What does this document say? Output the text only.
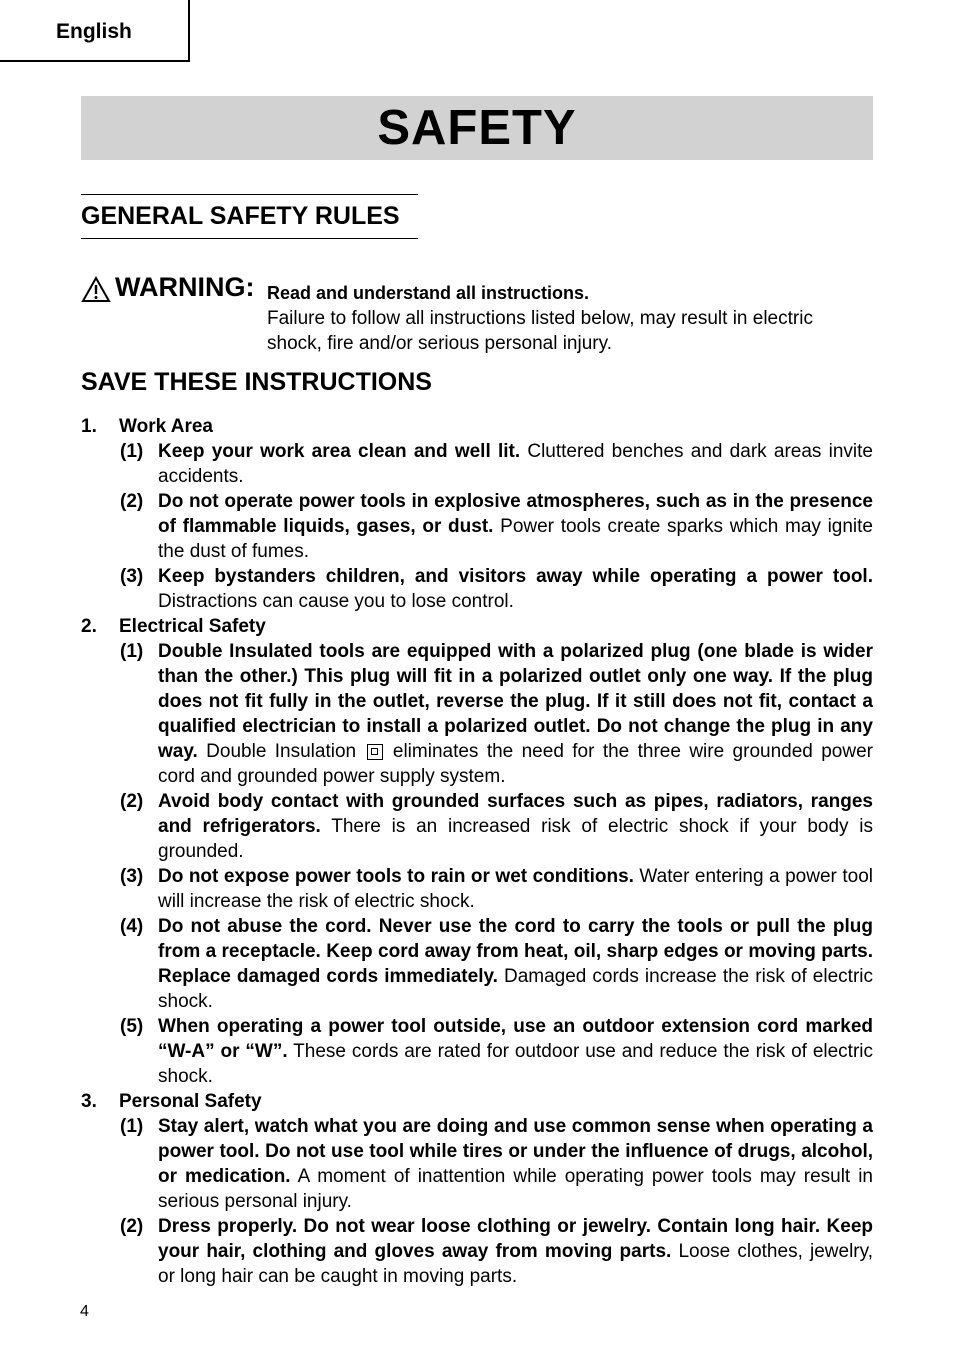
English
SAFETY
GENERAL SAFETY RULES
WARNING: Read and understand all instructions.
Failure to follow all instructions listed below, may result in electric shock, fire and/or serious personal injury.
SAVE THESE INSTRUCTIONS
1. Work Area
(1) Keep your work area clean and well lit. Cluttered benches and dark areas invite accidents.
(2) Do not operate power tools in explosive atmospheres, such as in the presence of flammable liquids, gases, or dust. Power tools create sparks which may ignite the dust of fumes.
(3) Keep bystanders children, and visitors away while operating a power tool. Distractions can cause you to lose control.
2. Electrical Safety
(1) Double Insulated tools are equipped with a polarized plug (one blade is wider than the other.) This plug will fit in a polarized outlet only one way. If the plug does not fit fully in the outlet, reverse the plug. If it still does not fit, contact a qualified electrician to install a polarized outlet. Do not change the plug in any way. Double Insulation eliminates the need for the three wire grounded power cord and grounded power supply system.
(2) Avoid body contact with grounded surfaces such as pipes, radiators, ranges and refrigerators. There is an increased risk of electric shock if your body is grounded.
(3) Do not expose power tools to rain or wet conditions. Water entering a power tool will increase the risk of electric shock.
(4) Do not abuse the cord. Never use the cord to carry the tools or pull the plug from a receptacle. Keep cord away from heat, oil, sharp edges or moving parts. Replace damaged cords immediately. Damaged cords increase the risk of electric shock.
(5) When operating a power tool outside, use an outdoor extension cord marked “W-A” or “W”. These cords are rated for outdoor use and reduce the risk of electric shock.
3. Personal Safety
(1) Stay alert, watch what you are doing and use common sense when operating a power tool. Do not use tool while tires or under the influence of drugs, alcohol, or medication. A moment of inattention while operating power tools may result in serious personal injury.
(2) Dress properly. Do not wear loose clothing or jewelry. Contain long hair. Keep your hair, clothing and gloves away from moving parts. Loose clothes, jewelry, or long hair can be caught in moving parts.
4
